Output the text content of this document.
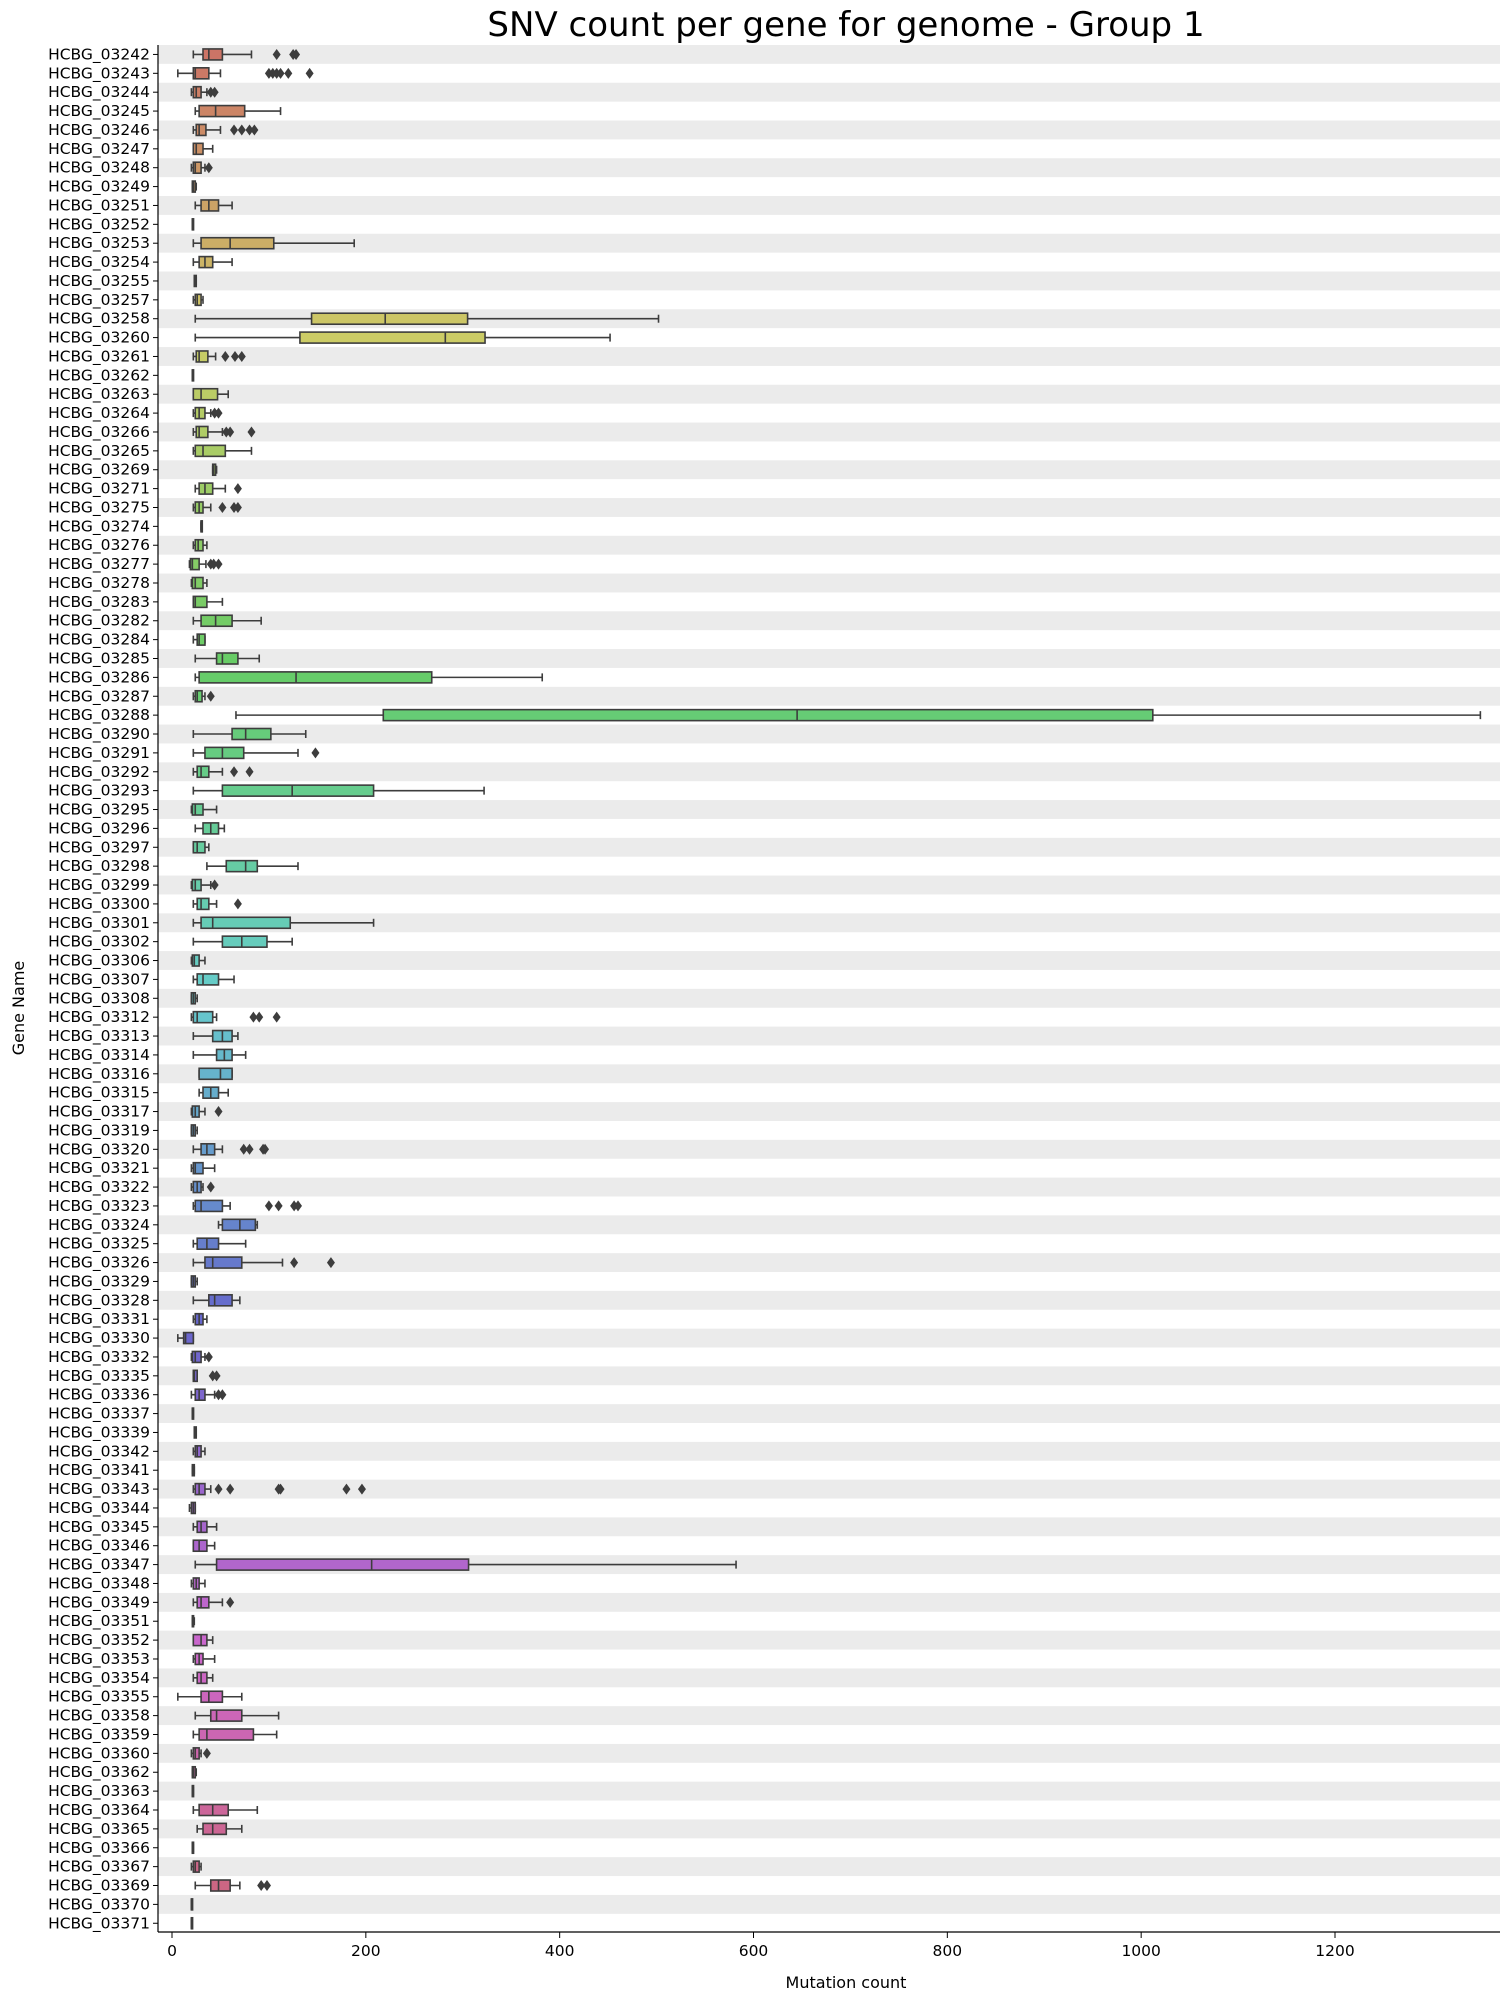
SNV count per gene for genome - Group 1
HCBG_03242
HCBG_03243
HCBG_03244
HCBG_03245
HCBG_03246
HCBG_03247
HCBG_03248
HCBG_03249
HCBG_03251
HCBG_03252
HCBG_03253
HCBG_03254
HCBG_03255
HCBG_03257
HCBG_03258
HCBG_03260
HCBG_03261
HCBG_03262
HCBG_03263
HCBG_03264
HCBG_03266
HCBG_03265
HCBG_03269
HCBG_03271
HCBG_03275
HCBG_03274
HCBG_03276
HCBG_03277
HCBG_03278
HCBG_03283
HCBG_03282
HCBG_03284
HCBG_03285
HCBG_03286
HCBG_03287
HCBG_03288
HCBG_03290
HCBG_03291
HCBG_03292
HCBG_03293
HCBG_03295
HCBG_03296
HCBG_03297
HCBG_03298
HCBG_03299
HCBG_03300
HCBG_03301
HCBG_03302
HCBG_03306
HCBG_03307
HCBG_03308
HCBG_03312
HCBG_03313
HCBG_03314
HCBG_03316
HCBG_03315
HCBG_03317
HCBG_03319
HCBG_03320
HCBG_03321
HCBG_03322
HCBG_03323
HCBG_03324
HCBG_03325
HCBG_03326
HCBG_03329
HCBG_03328
HCBG_03331
HCBG_03330
HCBG_03332
HCBG_03335
HCBG_03336
HCBG_03337
HCBG_03339
HCBG_03342
HCBG_03341
HCBG_03343
HCBG_03344
HCBG_03345
HCBG_03346
HCBG_03347
HCBG_03348
HCBG_03349
HCBG_03351
HCBG_03352
HCBG_03353
HCBG_03354
HCBG_03355
HCBG_03358
HCBG_03359
HCBG_03360
HCBG_03362
HCBG_03363
HCBG_03364
HCBG_03365
HCBG_03366
HCBG_03367
HCBG_03369
HCBG_03370
HCBG_03371
0	200	400	600	800	1000	1200
Gene Name
Mutation count
